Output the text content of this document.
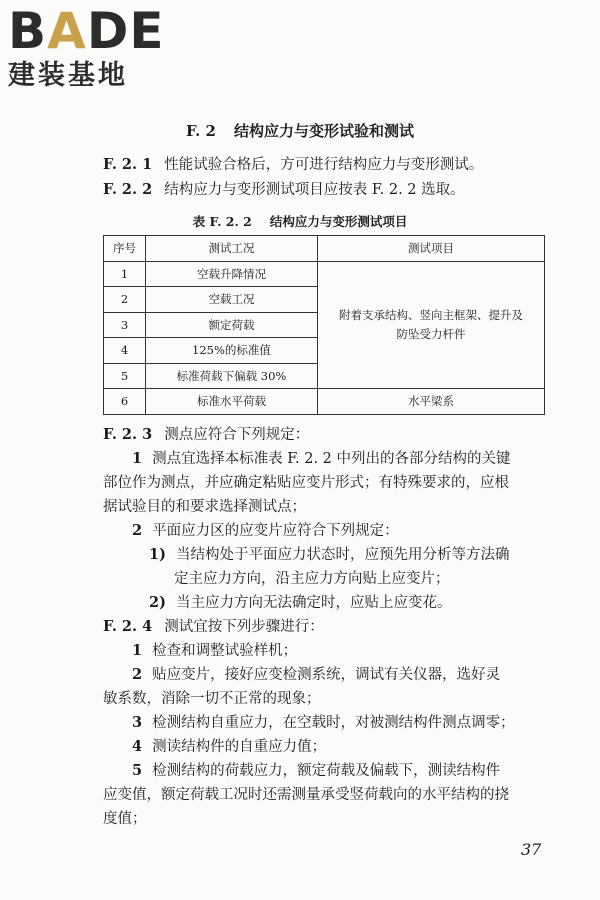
BADE
建装基地
F. 2 结构应力与变形试验和测试
F. 2. 1 性能试验合格后，方可进行结构应力与变形测试。
F. 2. 2 结构应力与变形测试项目应按表 F. 2. 2 选取。
表 F. 2. 2 结构应力与变形测试项目
序号	测试工况	测试项目
1	空载升降情况	附着支承结构、竖向主框架、提升及
防坠受力杆件

2	空载工况	
3	额定荷载	
4	125%的标准值	
5	标准荷载下偏载 30%	
6	标准水平荷载	水平梁系
F. 2. 3 测点应符合下列规定：
1 测点宜选择本标准表 F. 2. 2 中列出的各部分结构的关键
部位作为测点，并应确定粘贴应变片形式；有特殊要求的，应根
据试验目的和要求选择测试点；
2 平面应力区的应变片应符合下列规定：
1) 当结构处于平面应力状态时，应预先用分析等方法确
定主应力方向，沿主应力方向贴上应变片；
2) 当主应力方向无法确定时，应贴上应变花。
F. 2. 4 测试宜按下列步骤进行：
1 检查和调整试验样机；
2 贴应变片，接好应变检测系统，调试有关仪器，选好灵
敏系数，消除一切不正常的现象；
3 检测结构自重应力，在空载时，对被测结构件测点调零；
4 测读结构件的自重应力值；
5 检测结构的荷载应力，额定荷载及偏载下，测读结构件
应变值，额定荷载工况时还需测量承受竖荷载向的水平结构的挠
度值；
37
